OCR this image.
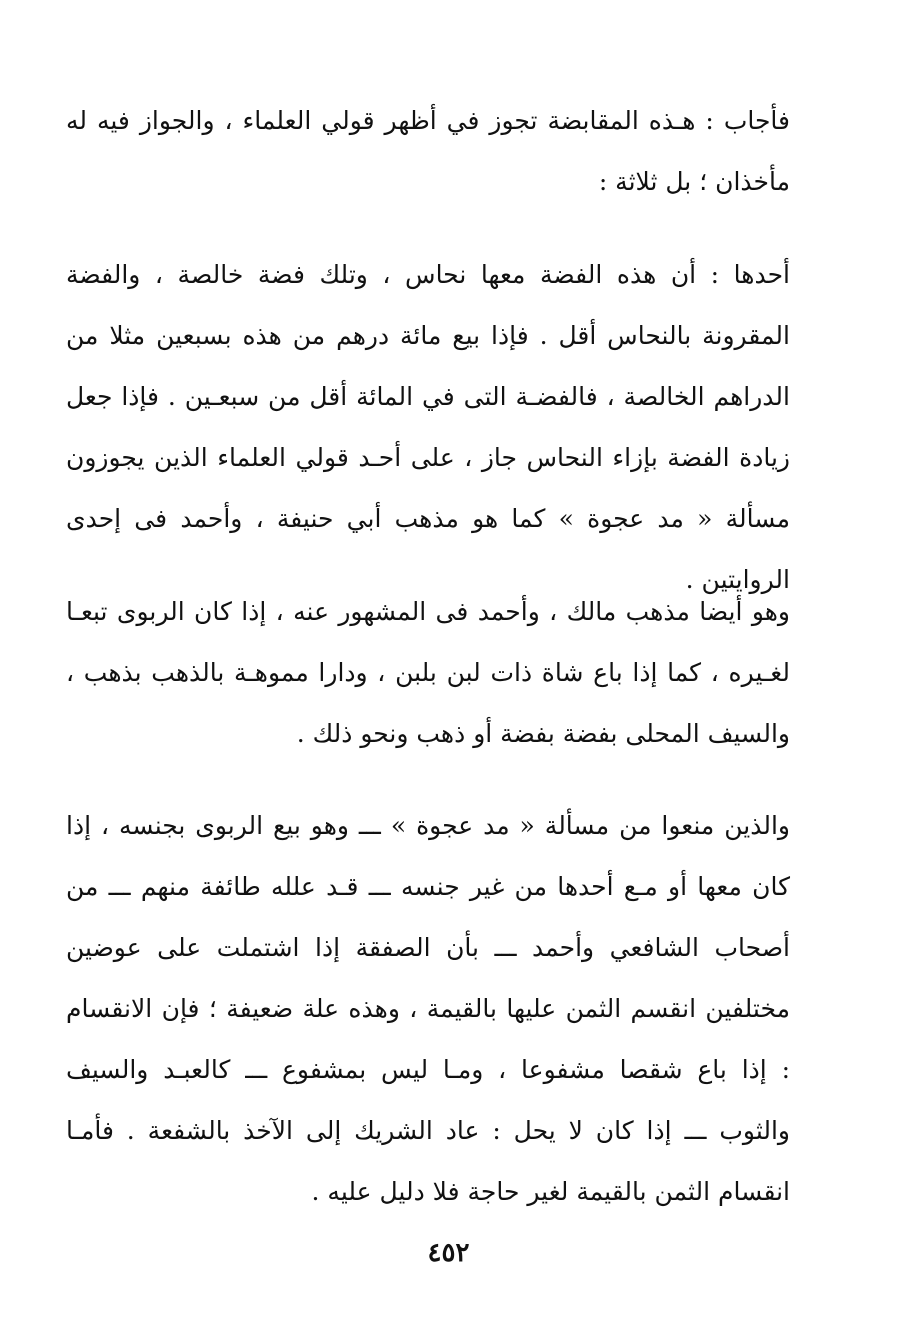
فأجاب : هـذه المقابضة تجوز في أظهر قولي العلماء ، والجواز فيه له مأخذان ؛ بل ثلاثة :

أحدها : أن هذه الفضة معها نحاس ، وتلك فضة خالصة ، والفضة المقرونة بالنحاس أقل . فإذا بيع مائة درهم من هذه بسبعين مثلا من الدراهم الخالصة ، فالفضـة التى في المائة أقل من سبعـين . فإذا جعل زيادة الفضة بإزاء النحاس جاز ، على أحـد قولي العلماء الذين يجوزون مسألة « مد عجوة » كما هو مذهب أبي حنيفة ، وأحمد فى إحدى الروايتين .

وهو أيضا مذهب مالك ، وأحمد فى المشهور عنه ، إذا كان الربوى تبعـا لغـيره ، كما إذا باع شاة ذات لبن بلبن ، ودارا مموهـة بالذهب بذهب ، والسيف المحلى بفضة بفضة أو ذهب ونحو ذلك .

والذين منعوا من مسألة « مد عجوة » ـــ وهو بيع الربوى بجنسه ، إذا كان معها أو مـع أحدها من غير جنسه ـــ قـد علله طائفة منهم ـــ من أصحاب الشافعي وأحمد ـــ بأن الصفقة إذا اشتملت على عوضين مختلفين انقسم الثمن عليها بالقيمة ، وهذه علة ضعيفة ؛ فإن الانقسام : إذا باع شقصا مشفوعا ، ومـا ليس بمشفوع ـــ كالعبـد والسيف والثوب ـــ إذا كان لا يحل : عاد الشريك إلى الآخذ بالشفعة . فأمـا انقسام الثمن بالقيمة لغير حاجة فلا دليل عليه .

٤٥٢
